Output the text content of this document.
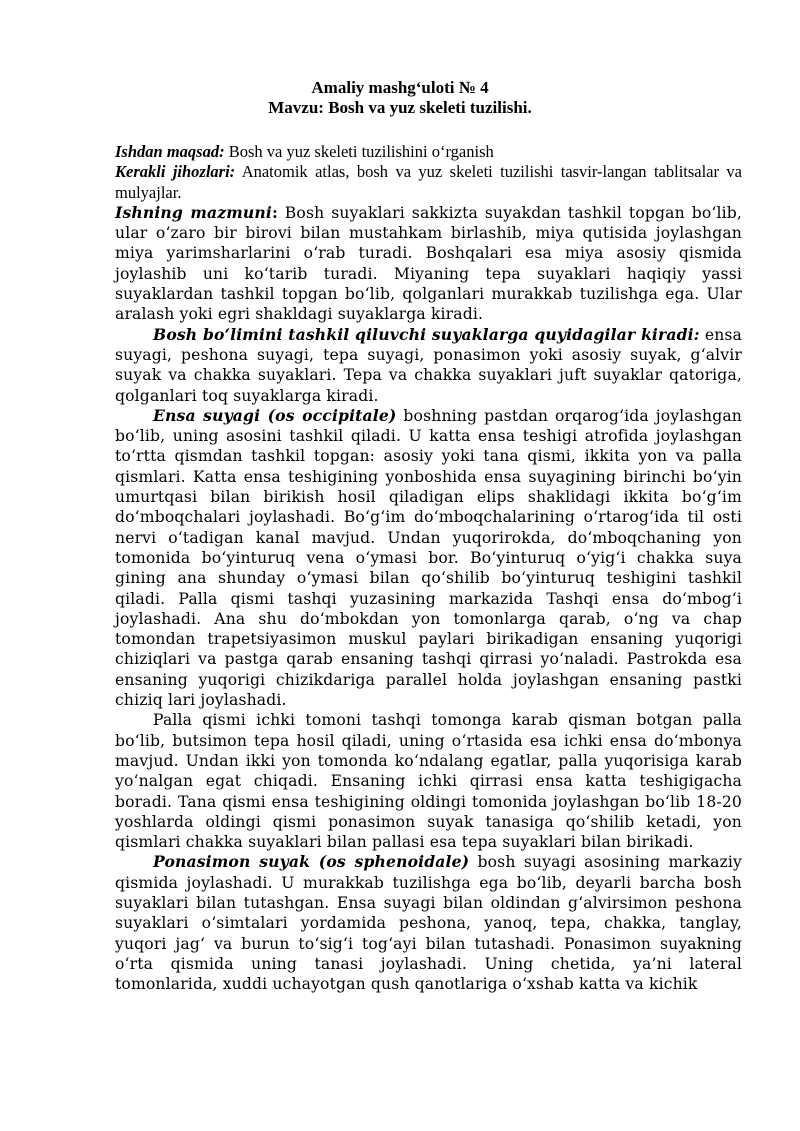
Amaliy mashg‘uloti № 4
Mavzu: Bosh va yuz skeleti tuzilishi.

Ishdan maqsad: Bosh va yuz skeleti tuzilishini o‘rganish

Kerakli jihozlari: Anatomik atlas, bosh va yuz skeleti tuzilishi tasvir-langan tablitsalar va mulyajlar.

Ishning mazmuni: Bosh suyaklari sakkizta suyakdan tashkil topgan bo‘lib, ular o‘zaro bir birovi bilan mustahkam birlashib, miya qutisida joylashgan miya yarimsharlarini o‘rab turadi. Boshqalari esa miya asosiy qismida joylashib uni ko‘tarib turadi. Miyaning tepa suyaklari haqiqiy yassi suyaklardan tashkil topgan bo‘lib, qolganlari murakkab tuzilishga ega. Ular aralash yoki egri shakldagi suyaklarga kiradi.

Bosh bo‘limini tashkil qiluvchi suyaklarga quyidagilar kiradi: ensa suyagi, peshona suyagi, tepa suyagi, ponasimon yoki asosiy suyak, g‘alvir suyak va chakka suyaklari. Tepa va chakka suyaklari juft suyaklar qatoriga, qolganlari toq suyaklarga kiradi.

Ensa suyagi (os occipitale) boshning pastdan orqarog‘ida joylashgan bo‘lib, uning asosini tashkil qiladi. U katta ensa teshigi atrofida joylashgan to‘rtta qismdan tashkil topgan: asosiy yoki tana qismi, ikkita yon va palla qismlari. Katta ensa teshigining yonboshida ensa suyagining birinchi bo‘yin umurtqasi bilan birikish hosil qiladigan elips shaklidagi ikkita bo‘g‘im do‘mboqchalari joylashadi. Bo‘g‘im do‘mboqchalarining o‘rtarog‘ida til osti nervi o‘tadigan kanal mavjud. Undan yuqorirokda, do‘mboqchaning yon tomonida bo‘yinturuq vena o‘ymasi bor. Bo‘yinturuq o‘yig‘i chakka suya gining ana shunday o‘ymasi bilan qo‘shilib bo‘yinturuq teshigini tashkil qiladi. Palla qismi tashqi yuzasining markazida Tashqi ensa do‘mbog‘i joylashadi. Ana shu do‘mbokdan yon tomonlarga qarab, o‘ng va chap tomondan trapetsiyasimon muskul paylari birikadigan ensaning yuqorigi chiziqlari va pastga qarab ensaning tashqi qirrasi yo‘naladi. Pastrokda esa ensaning yuqorigi chizikdariga parallel holda joylashgan ensaning pastki chiziq lari joylashadi.

Palla qismi ichki tomoni tashqi tomonga karab qisman botgan palla bo‘lib, butsimon tepa hosil qiladi, uning o‘rtasida esa ichki ensa do‘mbonya mavjud. Undan ikki yon tomonda ko‘ndalang egatlar, palla yuqorisiga karab yo‘nalgan egat chiqadi. Ensaning ichki qirrasi ensa katta teshigigacha boradi. Tana qismi ensa teshigining oldingi tomonida joylashgan bo‘lib 18-20 yoshlarda oldingi qismi ponasimon suyak tanasiga qo‘shilib ketadi, yon qismlari chakka suyaklari bilan pallasi esa tepa suyaklari bilan birikadi.

Ponasimon suyak (os sphenoidale) bosh suyagi asosining markaziy qismida joylashadi. U murakkab tuzilishga ega bo‘lib, deyarli barcha bosh suyaklari bilan tutashgan. Ensa suyagi bilan oldindan g‘alvirsimon peshona suyaklari o‘simtalari yordamida peshona, yanoq, tepa, chakka, tanglay, yuqori jag‘ va burun to‘sig‘i tog‘ayi bilan tutashadi. Ponasimon suyakning o‘rta qismida uning tanasi joylashadi. Uning chetida, ya’ni lateral tomonlarida, xuddi uchayotgan qush qanotlariga o‘xshab katta va kichik
